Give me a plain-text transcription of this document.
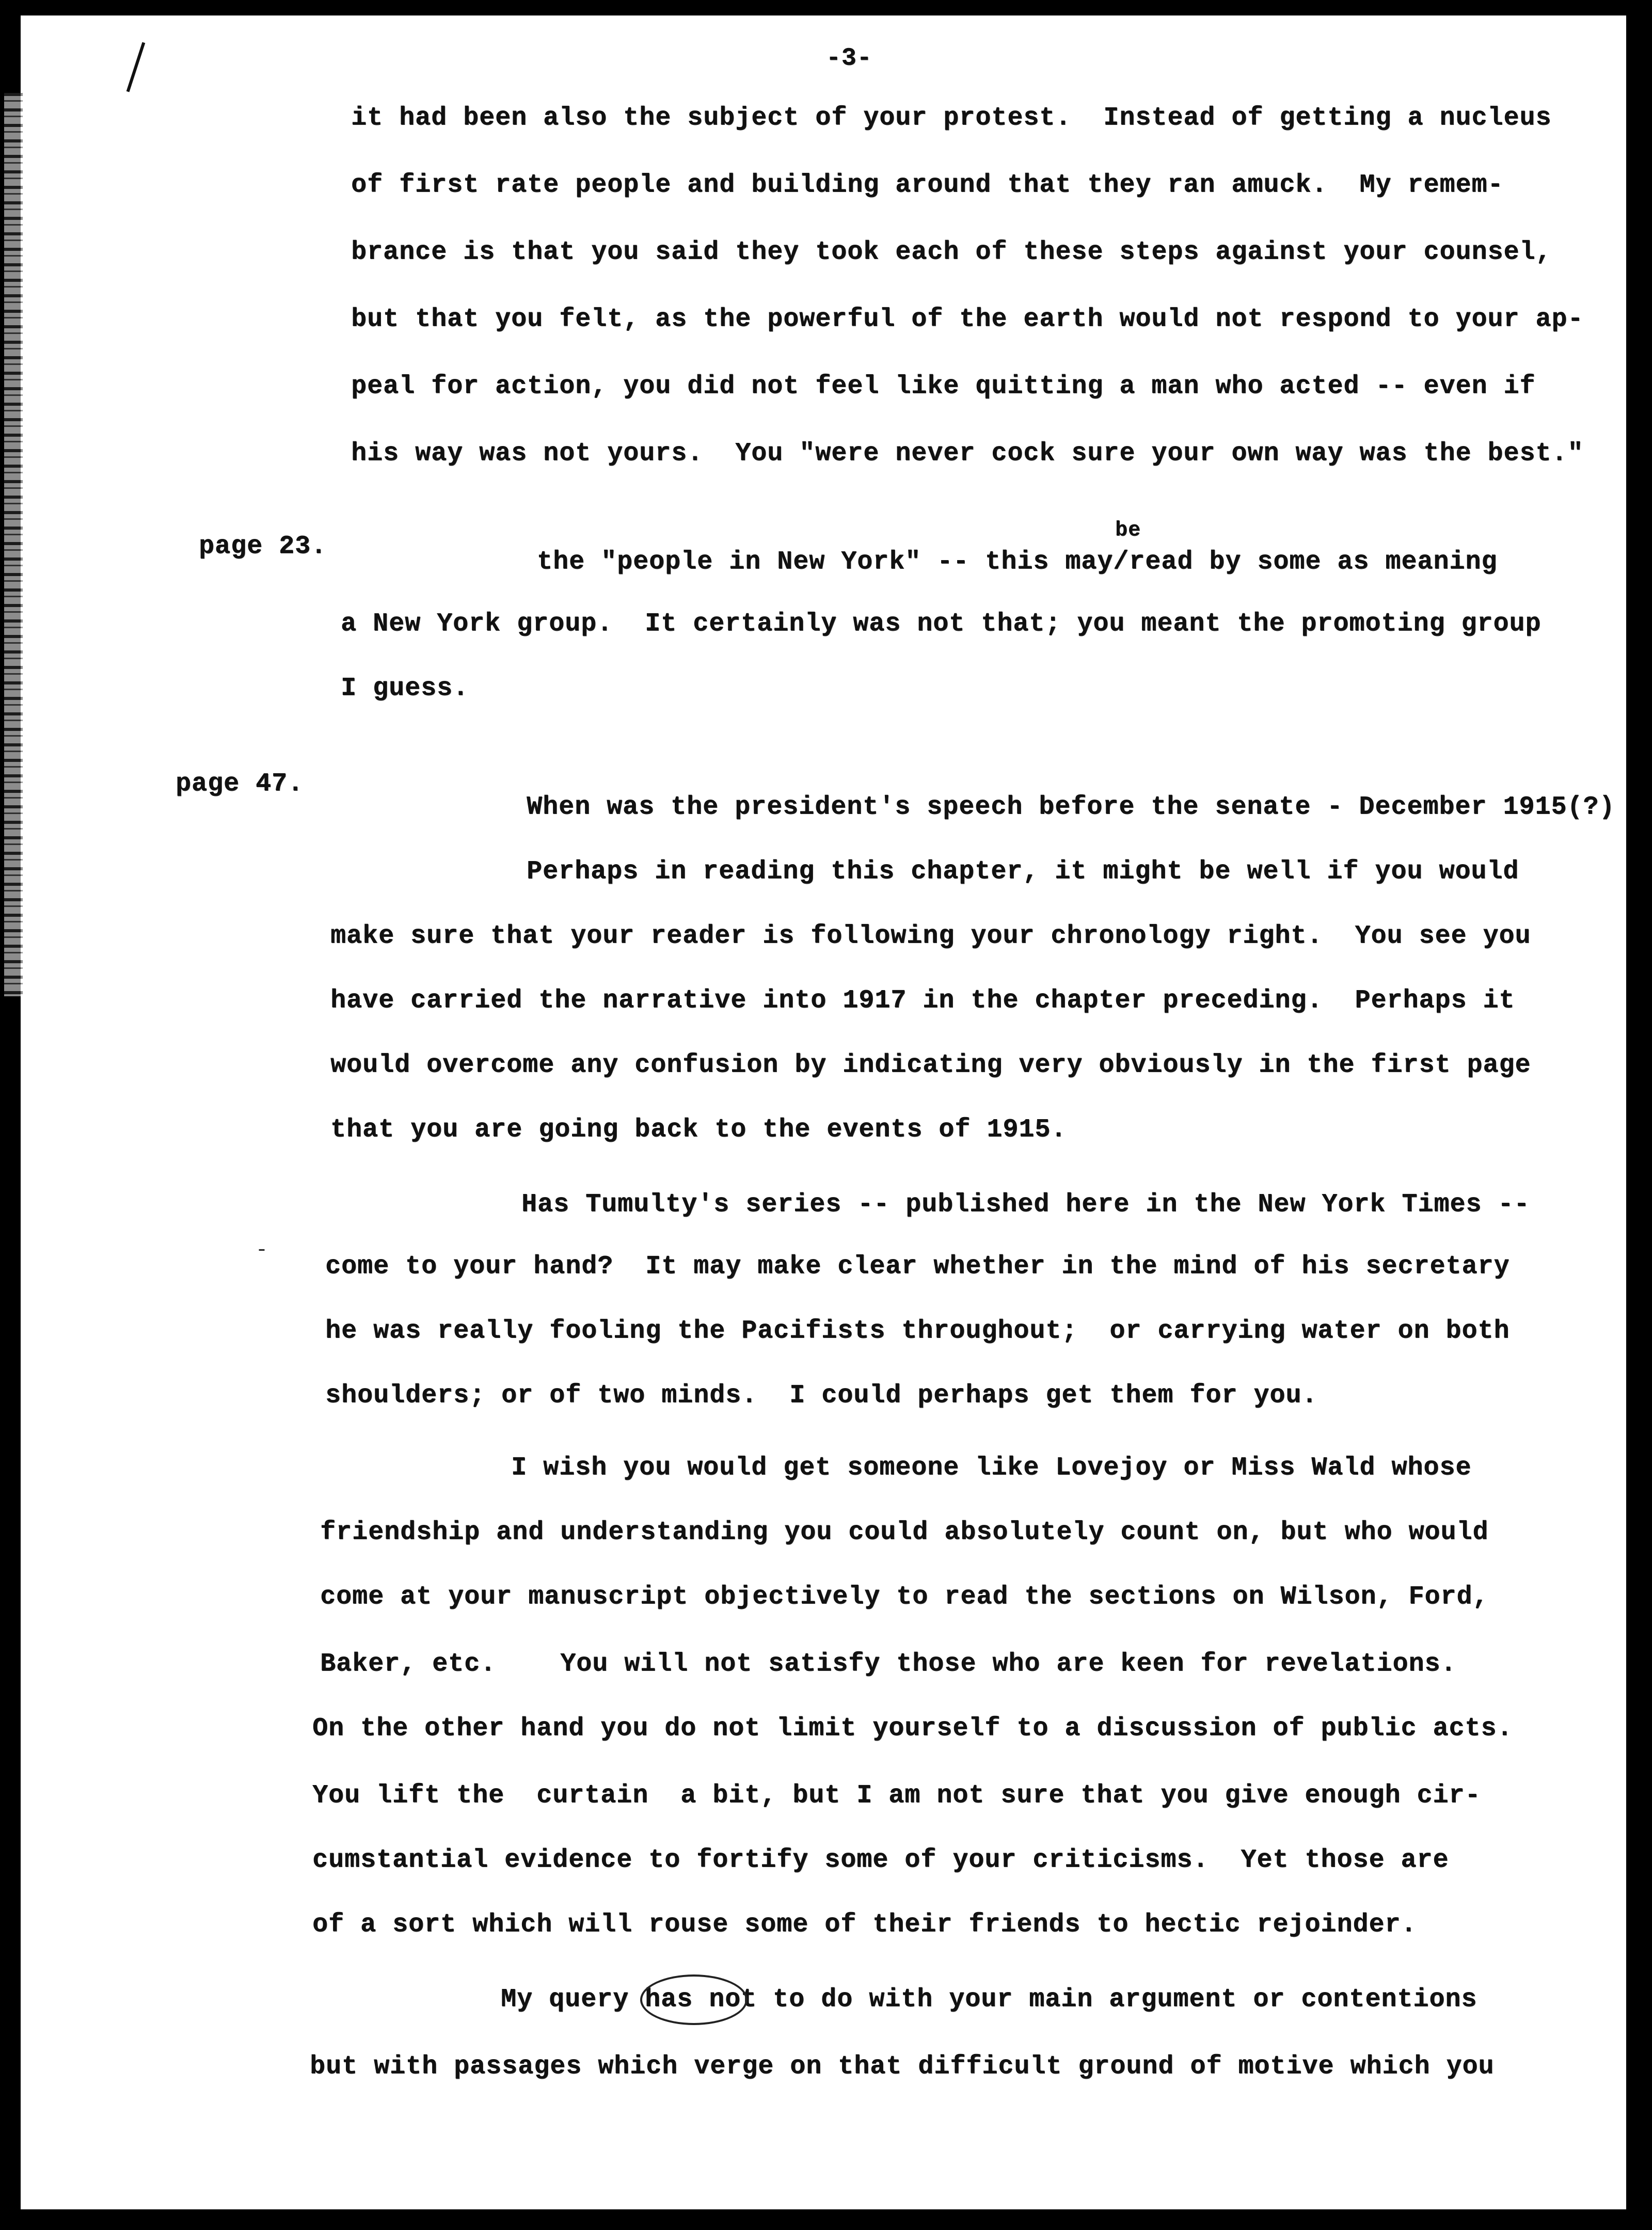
-3-
it had been also the subject of your protest.  Instead of getting a nucleus
of first rate people and building around that they ran amuck.  My remem-
brance is that you said they took each of these steps against your counsel,
but that you felt, as the powerful of the earth would not respond to your ap-
peal for action, you did not feel like quitting a man who acted -- even if
his way was not yours.  You "were never cock sure your own way was the best."
page 23.
be
the "people in New York" -- this may/read by some as meaning
a New York group.  It certainly was not that; you meant the promoting group
I guess.
page 47.
When was the president's speech before the senate - December 1915(?)
Perhaps in reading this chapter, it might be well if you would
make sure that your reader is following your chronology right.  You see you
have carried the narrative into 1917 in the chapter preceding.  Perhaps it
would overcome any confusion by indicating very obviously in the first page
that you are going back to the events of 1915.
Has Tumulty's series -- published here in the New York Times --
come to your hand?  It may make clear whether in the mind of his secretary
he was really fooling the Pacifists throughout;  or carrying water on both
shoulders; or of two minds.  I could perhaps get them for you.
I wish you would get someone like Lovejoy or Miss Wald whose
friendship and understanding you could absolutely count on, but who would
come at your manuscript objectively to read the sections on Wilson, Ford,
Baker, etc.    You will not satisfy those who are keen for revelations.
On the other hand you do not limit yourself to a discussion of public acts.
You lift the  curtain  a bit, but I am not sure that you give enough cir-
cumstantial evidence to fortify some of your criticisms.  Yet those are
of a sort which will rouse some of their friends to hectic rejoinder.
My query has not to do with your main argument or contentions
but with passages which verge on that difficult ground of motive which you
-
